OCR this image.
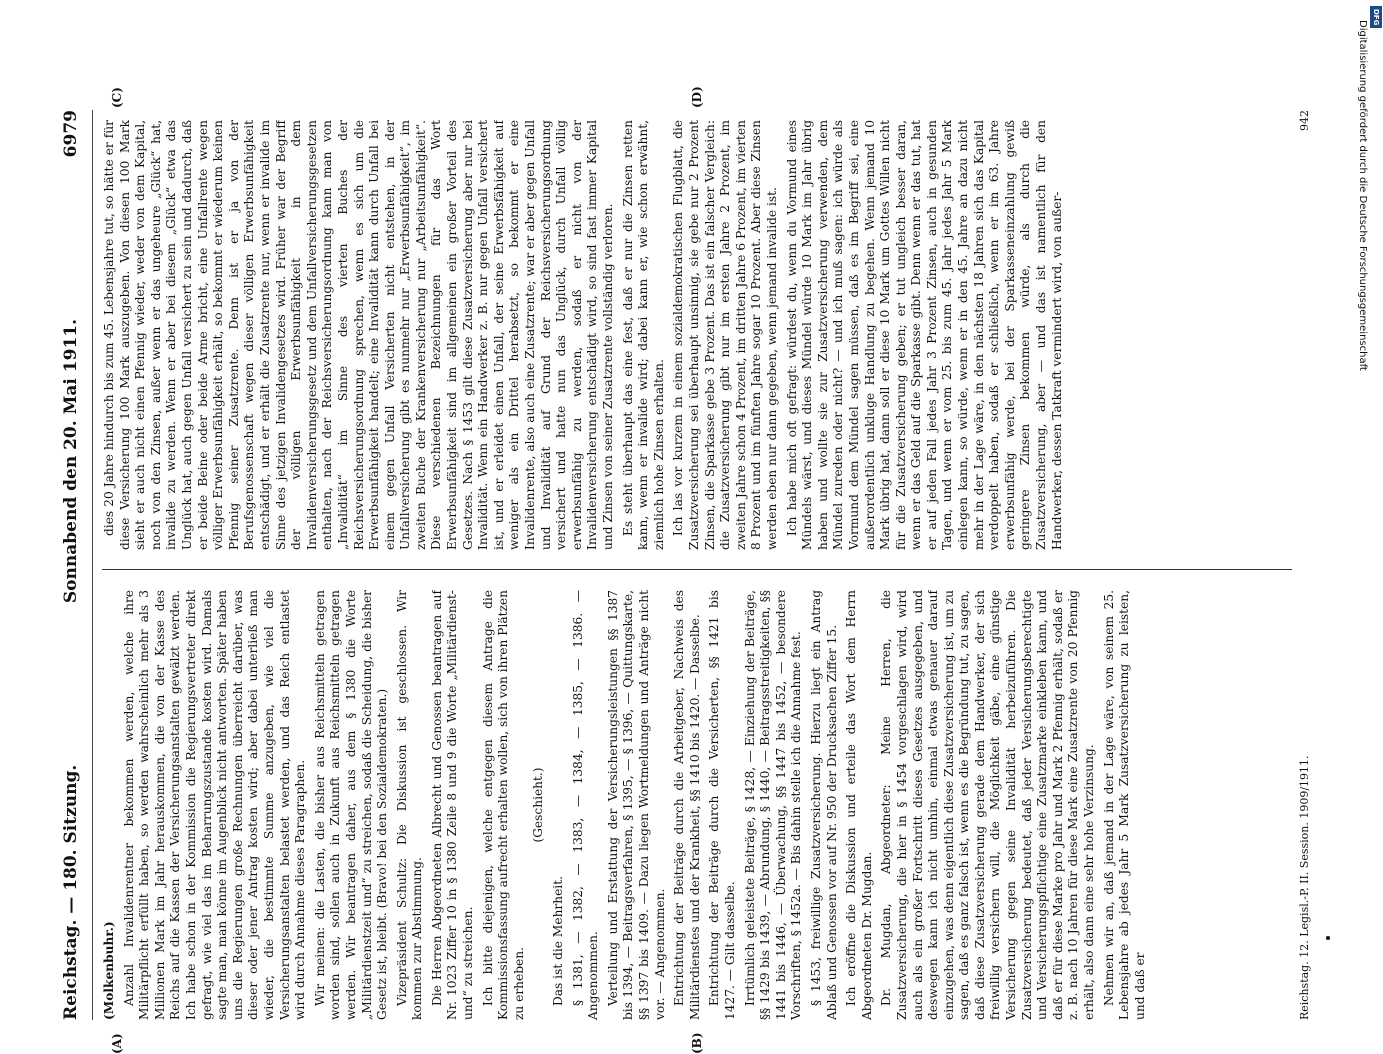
Reichstag. — 180. Sitzung.
Sonnabend den 20. Mai 1911.
6979

(Molkenbuhr.) Anzahl Invalidenrentner bekommen werden, welche ihre Militärpflicht erfüllt haben, so werden wahrscheinlich mehr als 3 Millionen Mark im Jahr herauskommen, die von der Kasse des Reichs auf die Kassen der Versicherungsanstalten gewälzt werden. Ich habe schon in der Kommission die Regierungsvertreter direkt gefragt, wie viel das im Beharrungszustande kosten wird. Damals sagte man, man könne im Augenblick nicht antworten. Später haben uns die Regierungen große Rechnungen überreicht darüber, was dieser oder jener Antrag kosten wird; aber dabei unterließ man wieder, die bestimmte Summe anzugeben, wie viel die Versicherungsanstalten belastet werden, und das Reich entlastet wird durch Annahme dieses Paragraphen. Wir meinen: die Lasten, die bisher aus Reichsmitteln getragen worden sind, sollen auch in Zukunft aus Reichsmitteln getragen werden. Wir beantragen daher, aus dem § 1380 die Worte „Militärdienstzeit und“ zu streichen, sodaß die Scheidung, die bisher Gesetz ist, bleibt. (Bravo! bei den Sozialdemokraten.) Vizepräsident Schultz: Die Diskussion ist geschlossen. Wir kommen zur Abstimmung. Die Herren Abgeordneten Albrecht und Genossen beantragen auf Nr. 1023 Ziffer 10 in § 1380 Zeile 8 und 9 die Worte „Militärdienst- und“ zu streichen. Ich bitte diejenigen, welche entgegen diesem Antrage die Kommissionsfassung aufrecht erhalten wollen, sich von ihren Plätzen zu erheben.

(Geschieht.)

Das ist die Mehrheit. § 1381, — 1382, — 1383, — 1384, — 1385, — 1386. — Angenommen. Verteilung und Erstattung der Versicherungsleistungen §§ 1387 bis 1394, — Beitragsverfahren, § 1395, — § 1396, — Quittungskarte, §§ 1397 bis 1409. — Dazu liegen Wortmeldungen und Anträge nicht vor. — Angenommen. Entrichtung der Beiträge durch die Arbeitgeber, Nachweis des Militärdienstes und der Krankheit, §§ 1410 bis 1420. — Dasselbe. Entrichtung der Beiträge durch die Versicherten, §§ 1421 bis 1427. — Gilt dasselbe. Irrtümlich geleistete Beiträge, § 1428, — Einziehung der Beiträge, §§ 1429 bis 1439, — Abrundung, § 1440, — Beitragsstreitigkeiten, §§ 1441 bis 1446, — Überwachung, §§ 1447 bis 1452, — besondere Vorschriften, § 1452a. — Bis dahin stelle ich die Annahme fest. § 1453, freiwillige Zusatzversicherung. Hierzu liegt ein Antrag Ablaß und Genossen vor auf Nr. 950 der Drucksachen Ziffer 15. Ich eröffne die Diskussion und erteile das Wort dem Herrn Abgeordneten Dr. Mugdan. Dr. Mugdan, Abgeordneter: Meine Herren, die Zusatzversicherung, die hier in § 1454 vorgeschlagen wird, wird auch als ein großer Fortschritt dieses Gesetzes ausgegeben, und deswegen kann ich nicht umhin, einmal etwas genauer darauf einzugehen, was denn eigentlich diese Zusatzversicherung ist, um zu sagen, daß es ganz falsch ist, wenn es die Begründung tut, zu sagen, daß diese Zusatzversicherung gerade dem Handwerker, der sich freiwillig versichern will, die Möglichkeit gäbe, eine günstige Versicherung gegen seine Invalidität herbeizuführen. Die Zusatzversicherung bedeutet, daß jeder Versicherungsberechtigte und Versicherungspflichtige eine Zusatzmarke einkleben kann, und daß er für diese Marke pro Jahr und Mark 2 Pfennig erhält, sodaß er z. B. nach 10 Jahren für diese Mark eine Zusatzrente von 20 Pfennig erhält, also dann eine sehr hohe Verzinsung. Nehmen wir an, daß jemand in der Lage wäre, von seinem 25. Lebensjahre ab jedes Jahr 5 Mark Zusatzversicherung zu leisten, und daß er

dies 20 Jahre hindurch bis zum 45. Lebensjahre tut, so hätte er für diese Versicherung 100 Mark auszugeben. Von diesen 100 Mark sieht er auch nicht einen Pfennig wieder, weder von dem Kapital, noch von den Zinsen, außer wenn er das ungeheure „Glück“ hat, invalide zu werden. Wenn er aber bei diesem „Glück“ etwa das Unglück hat, auch gegen Unfall versichert zu sein und dadurch, daß er beide Beine oder beide Arme bricht, eine Unfallrente wegen völliger Erwerbsunfähigkeit erhält, so bekommt er wiederum keinen Pfennig seiner Zusatzrente. Denn ist er ja von der Berufsgenossenschaft wegen dieser völligen Erwerbsunfähigkeit entschädigt, und er erhält die Zusatzrente nur, wenn er invalide im Sinne des jetzigen Invalidengesetzes wird. Früher war der Begriff der völligen Erwerbsunfähigkeit in dem Invalidenversicherungsgesetz und dem Unfallversicherungsgesetzen enthalten, nach der Reichsversicherungsordnung kann man von „Invalidität“ im Sinne des vierten Buches der Reichsversicherungsordnung sprechen, wenn es sich um die Erwerbsunfähigkeit handelt; eine Invalidität kann durch Unfall bei einem gegen Unfall Versicherten nicht entstehen, in der Unfallversicherung gibt es nunmehr nur „Erwerbsunfähigkeit“, im zweiten Buche der Krankenversicherung nur „Arbeitsunfähigkeit“. Diese verschiedenen Bezeichnungen für das Wort Erwerbsunfähigkeit sind im allgemeinen ein großer Vorteil des Gesetzes. Nach § 1453 gilt diese Zusatzversicherung aber nur bei Invalidität. Wenn ein Handwerker z. B. nur gegen Unfall versichert ist, und er erleidet einen Unfall, der seine Erwerbsfähigkeit auf weniger als ein Drittel herabsetzt, so bekommt er eine Invalidenrente, also auch eine Zusatzrente; war er aber gegen Unfall und Invalidität auf Grund der Reichsversicherungsordnung versichert und hatte nun das Unglück, durch Unfall völlig erwerbsunfähig zu werden, sodaß er nicht von der Invalidenversicherung entschädigt wird, so sind fast immer Kapital und Zinsen von seiner Zusatzrente vollständig verloren. Es steht überhaupt das eine fest, daß er nur die Zinsen retten kann, wenn er invalide wird; dabei kann er, wie schon erwähnt, ziemlich hohe Zinsen erhalten. Ich las vor kurzem in einem sozialdemokratischen Flugblatt, die Zusatzversicherung sei überhaupt unsinnig, sie gebe nur 2 Prozent Zinsen, die Sparkasse gebe 3 Prozent. Das ist ein falscher Vergleich: die Zusatzversicherung gibt nur im ersten Jahre 2 Prozent, im zweiten Jahre schon 4 Prozent, im dritten Jahre 6 Prozent, im vierten 8 Prozent und im fünften Jahre sogar 10 Prozent. Aber diese Zinsen werden eben nur dann gegeben, wenn jemand invalide ist. Ich habe mich oft gefragt: würdest du, wenn du Vormund eines Mündels wärst, und dieses Mündel würde 10 Mark im Jahr übrig haben und wollte sie zur Zusatzversicherung verwenden, dem Mündel zureden oder nicht? — und ich muß sagen: ich würde als Vormund dem Mündel sagen müssen, daß es im Begriff sei, eine außerordentlich unkluge Handlung zu begehen. Wenn jemand 10 Mark übrig hat, dann soll er diese 10 Mark um Gottes Willen nicht für die Zusatzversicherung geben; er tut ungleich besser daran, wenn er das Geld auf die Sparkasse gibt. Denn wenn er das tut, hat er auf jeden Fall jedes Jahr 3 Prozent Zinsen, auch in gesunden Tagen, und wenn er vom 25. bis zum 45. Jahr jedes Jahr 5 Mark einlegen kann, so würde, wenn er in den 45. Jahre an dazu nicht mehr in der Lage wäre, in den nächsten 18 Jahren sich das Kapital verdoppelt haben, sodaß er schließlich, wenn er im 63. Jahre erwerbsunfähig werde, bei der Sparkasseneinzahlung gewiß geringere Zinsen bekommen würde, als durch die Zusatzversicherung, aber — und das ist namentlich für den Handwerker, dessen Tatkraft vermindert wird, von außer-

(A)	(B)
(C)	(D)
Reichstag. 12. Legisl.-P. II. Session. 1909/1911.
942	Digitalisierung gefördert durch die Deutsche Forschungsgemeinschaft
DFG
